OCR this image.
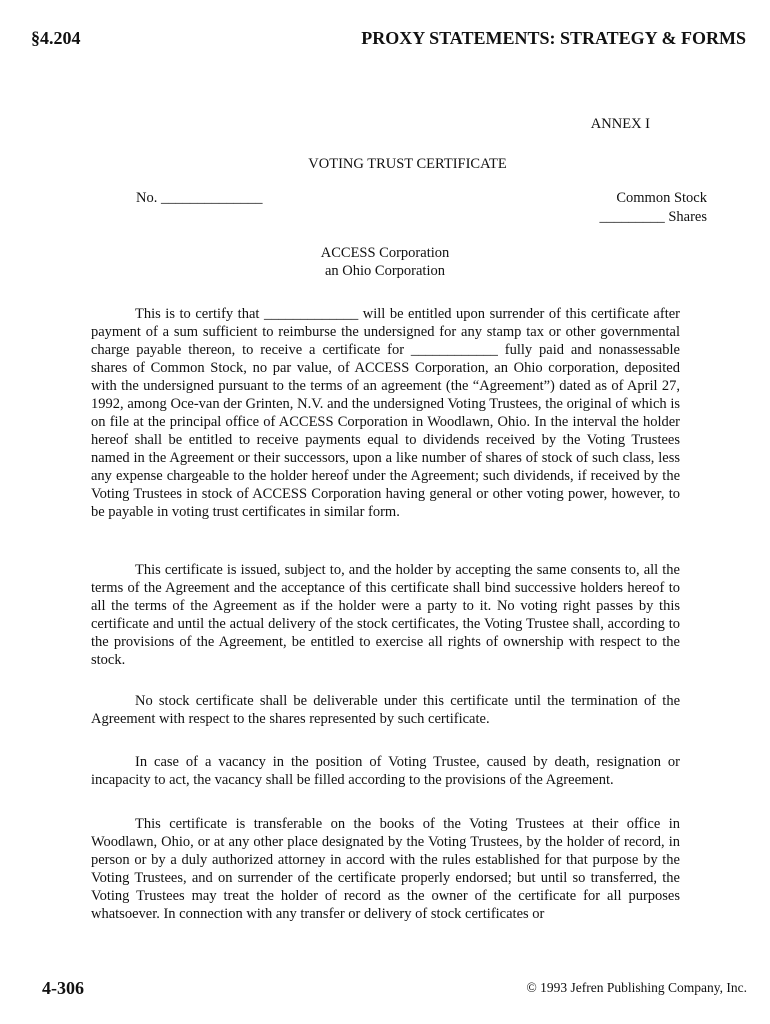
§4.204	PROXY STATEMENTS: STRATEGY & FORMS
ANNEX I
VOTING TRUST CERTIFICATE
No. ______________	Common Stock
_________ Shares
ACCESS Corporation
an Ohio Corporation

This is to certify that _____________ will be entitled upon surrender of this certificate after payment of a sum sufficient to reimburse the undersigned for any stamp tax or other governmental charge payable thereon, to receive a certificate for ____________ fully paid and nonassessable shares of Common Stock, no par value, of ACCESS Corporation, an Ohio corporation, deposited with the undersigned pursuant to the terms of an agreement (the “Agreement”) dated as of April 27, 1992, among Oce-van der Grinten, N.V. and the undersigned Voting Trustees, the original of which is on file at the principal office of ACCESS Corporation in Woodlawn, Ohio. In the interval the holder hereof shall be entitled to receive payments equal to dividends received by the Voting Trustees named in the Agreement or their successors, upon a like number of shares of stock of such class, less any expense chargeable to the holder hereof under the Agreement; such dividends, if received by the Voting Trustees in stock of ACCESS Corporation having general or other voting power, however, to be payable in voting trust certificates in similar form.

This certificate is issued, subject to, and the holder by accepting the same consents to, all the terms of the Agreement and the acceptance of this certificate shall bind successive holders hereof to all the terms of the Agreement as if the holder were a party to it. No voting right passes by this certificate and until the actual delivery of the stock certificates, the Voting Trustee shall, according to the provisions of the Agreement, be entitled to exercise all rights of ownership with respect to the stock.

No stock certificate shall be deliverable under this certificate until the termination of the Agreement with respect to the shares represented by such certificate.

In case of a vacancy in the position of Voting Trustee, caused by death, resignation or incapacity to act, the vacancy shall be filled according to the provisions of the Agreement.

This certificate is transferable on the books of the Voting Trustees at their office in Woodlawn, Ohio, or at any other place designated by the Voting Trustees, by the holder of record, in person or by a duly authorized attorney in accord with the rules established for that purpose by the Voting Trustees, and on surrender of the certificate properly endorsed; but until so transferred, the Voting Trustees may treat the holder of record as the owner of the certificate for all purposes whatsoever. In connection with any transfer or delivery of stock certificates or

4-306	© 1993 Jefren Publishing Company, Inc.
